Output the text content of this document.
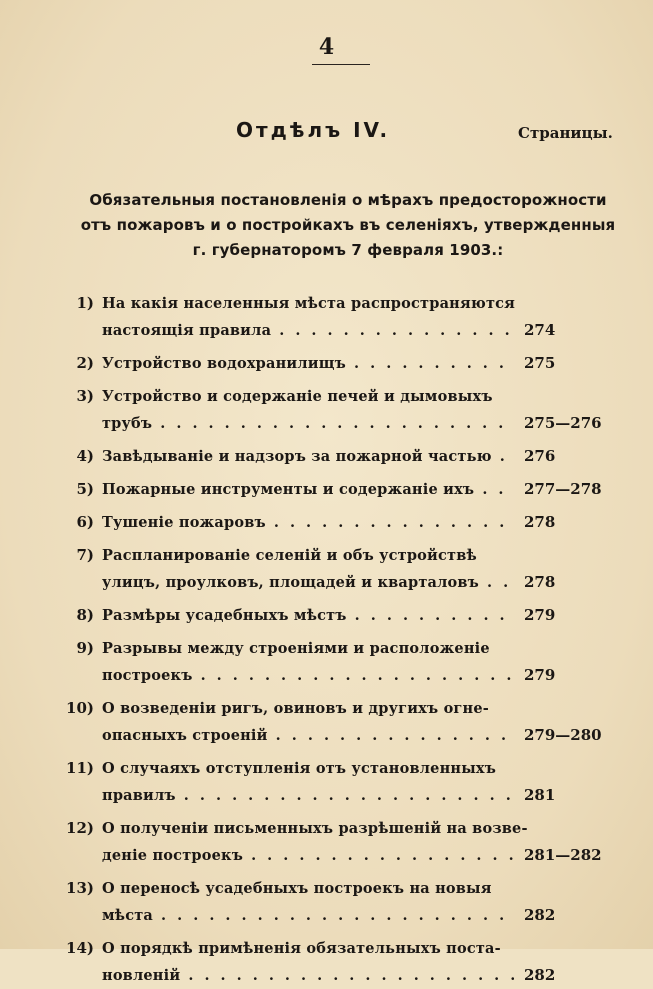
4
Отдѣлъ IV.	Страницы.
Обязательныя постановленія о мѣрахъ предосторожности отъ пожаровъ и о постройкахъ въ селеніяхъ, утвержденныя г. губернаторомъ 7 февраля 1903.:
1) На какія населенныя мѣста распространяются
настоящія правила . . .	274
2) Устройство водохранилищъ . . .	275
3) Устройство и содержаніе печей и дымовыхъ
трубъ . . .	275—276
4) Завѣдываніе и надзоръ за пожарной частью . . .	276
5) Пожарные инструменты и содержаніе ихъ . . .	277—278
6) Тушеніе пожаровъ . . .	278
7) Распланированіе селеній и объ устройствѣ
улицъ, проулковъ, площадей и кварталовъ . . .	278
8) Размѣры усадебныхъ мѣстъ . . .	279
9) Разрывы между строеніями и расположеніе
построекъ . . .	279
10) О возведеніи ригъ, овиновъ и другихъ огне-
опасныхъ строеній . . .	279—280
11) О случаяхъ отступленія отъ установленныхъ
правилъ . . .	281
12) О полученіи письменныхъ разрѣшеній на возве-
деніе построекъ . . .	281—282
13) О переносѣ усадебныхъ построекъ на новыя
мѣста . . .	282
14) О порядкѣ примѣненія обязательныхъ поста-
новленій . . .	282
